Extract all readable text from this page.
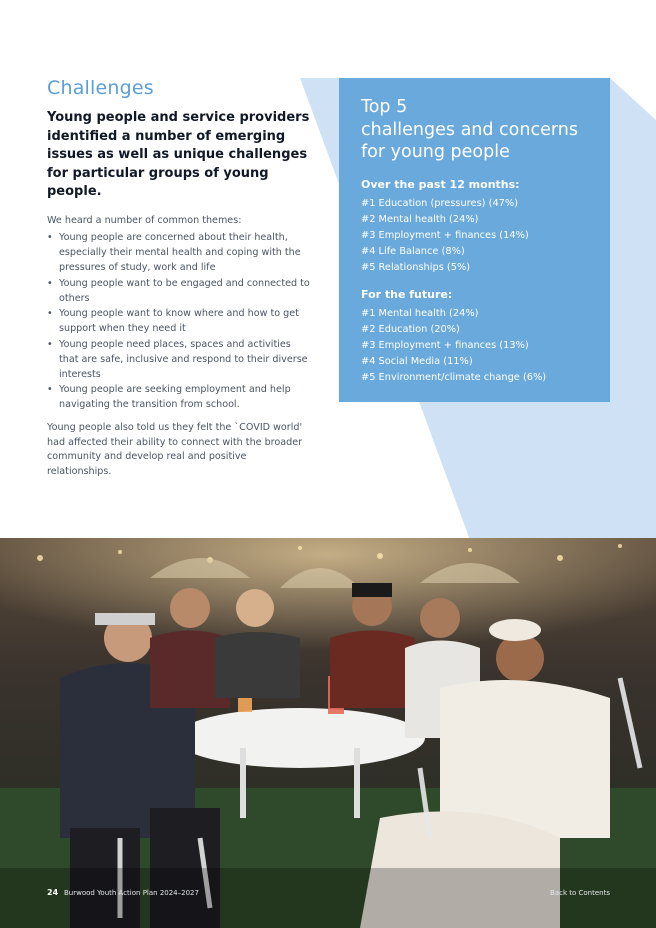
Challenges

Young people and service providers identified a number of emerging issues as well as unique challenges for particular groups of young people.

We heard a number of common themes:

• Young people are concerned about their health, especially their mental health and coping with the pressures of study, work and life
• Young people want to be engaged and connected to others
• Young people want to know where and how to get support when they need it
• Young people need places, spaces and activities that are safe, inclusive and respond to their diverse interests
• Young people are seeking employment and help navigating the transition from school.

Young people also told us they felt the `COVID world' had affected their ability to connect with the broader community and develop real and positive relationships.

Top 5
challenges and concerns
for young people
Over the past 12 months:
#1 Education (pressures) (47%)
#2 Mental health (24%)
#3 Employment + finances (14%)
#4 Life Balance (8%)
#5 Relationships (5%)
For the future:
#1 Mental health (24%)
#2 Education (20%)
#3 Employment + finances (13%)
#4 Social Media (11%)
#5 Environment/climate change (6%)
24 Burwood Youth Action Plan 2024–2027	Back to Contents
